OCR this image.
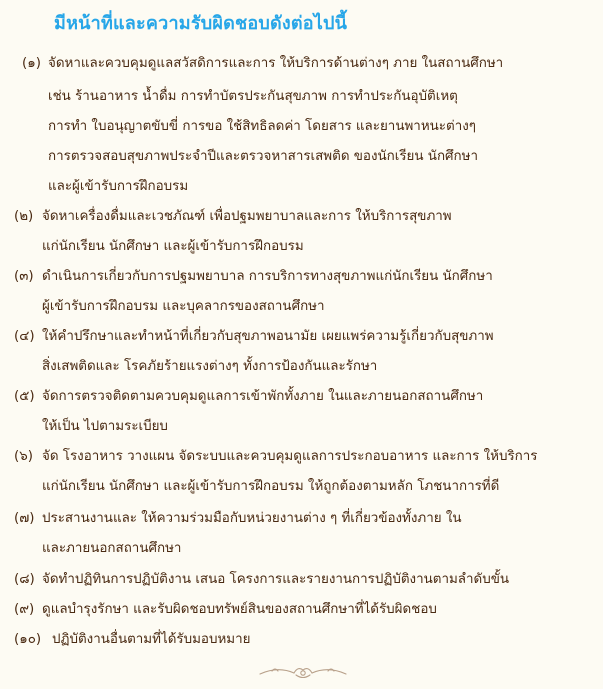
มีหน้าที่และความรับผิดชอบดังต่อไปนี้
(๑) จัดหาและควบคุมดูแลสวัสดิการและการ ให้บริการด้านต่างๆ ภาย ในสถานศึกษา
เช่น ร้านอาหาร น้ำดื่ม การทำบัตรประกันสุขภาพ การทำประกันอุบัติเหตุ
การทำ ใบอนุญาตขับขี่ การขอ ใช้สิทธิลดค่า โดยสาร และยานพาหนะต่างๆ
การตรวจสอบสุขภาพประจำปีและตรวจหาสารเสพติด ของนักเรียน นักศึกษา
และผู้เข้ารับการฝึกอบรม
(๒) จัดหาเครื่องดื่มและเวชภัณฑ์ เพื่อปฐมพยาบาลและการ ให้บริการสุขภาพ
แก่นักเรียน นักศึกษา และผู้เข้ารับการฝึกอบรม
(๓) ดำเนินการเกี่ยวกับการปฐมพยาบาล การบริการทางสุขภาพแก่นักเรียน นักศึกษา
ผู้เข้ารับการฝึกอบรม และบุคลากรของสถานศึกษา
(๔) ให้คำปรึกษาและทำหน้าที่เกี่ยวกับสุขภาพอนามัย เผยแพร่ความรู้เกี่ยวกับสุขภาพ
สิ่งเสพติดและ โรคภัยร้ายแรงต่างๆ ทั้งการป้องกันและรักษา
(๕) จัดการตรวจติดตามควบคุมดูแลการเข้าพักทั้งภาย ในและภายนอกสถานศึกษา
ให้เป็น ไปตามระเบียบ
(๖) จัด โรงอาหาร วางแผน จัดระบบและควบคุมดูแลการประกอบอาหาร และการ ให้บริการ
แก่นักเรียน นักศึกษา และผู้เข้ารับการฝึกอบรม ให้ถูกต้องตามหลัก โภชนาการที่ดี
(๗) ประสานงานและ ให้ความร่วมมือกับหน่วยงานต่าง ๆ ที่เกี่ยวข้องทั้งภาย ใน
และภายนอกสถานศึกษา
(๘) จัดทำปฏิทินการปฏิบัติงาน เสนอ โครงการและรายงานการปฏิบัติงานตามลำดับขั้น
(๙) ดูแลบำรุงรักษา และรับผิดชอบทรัพย์สินของสถานศึกษาที่ได้รับผิดชอบ
(๑๐) ปฏิบัติงานอื่นตามที่ได้รับมอบหมาย
